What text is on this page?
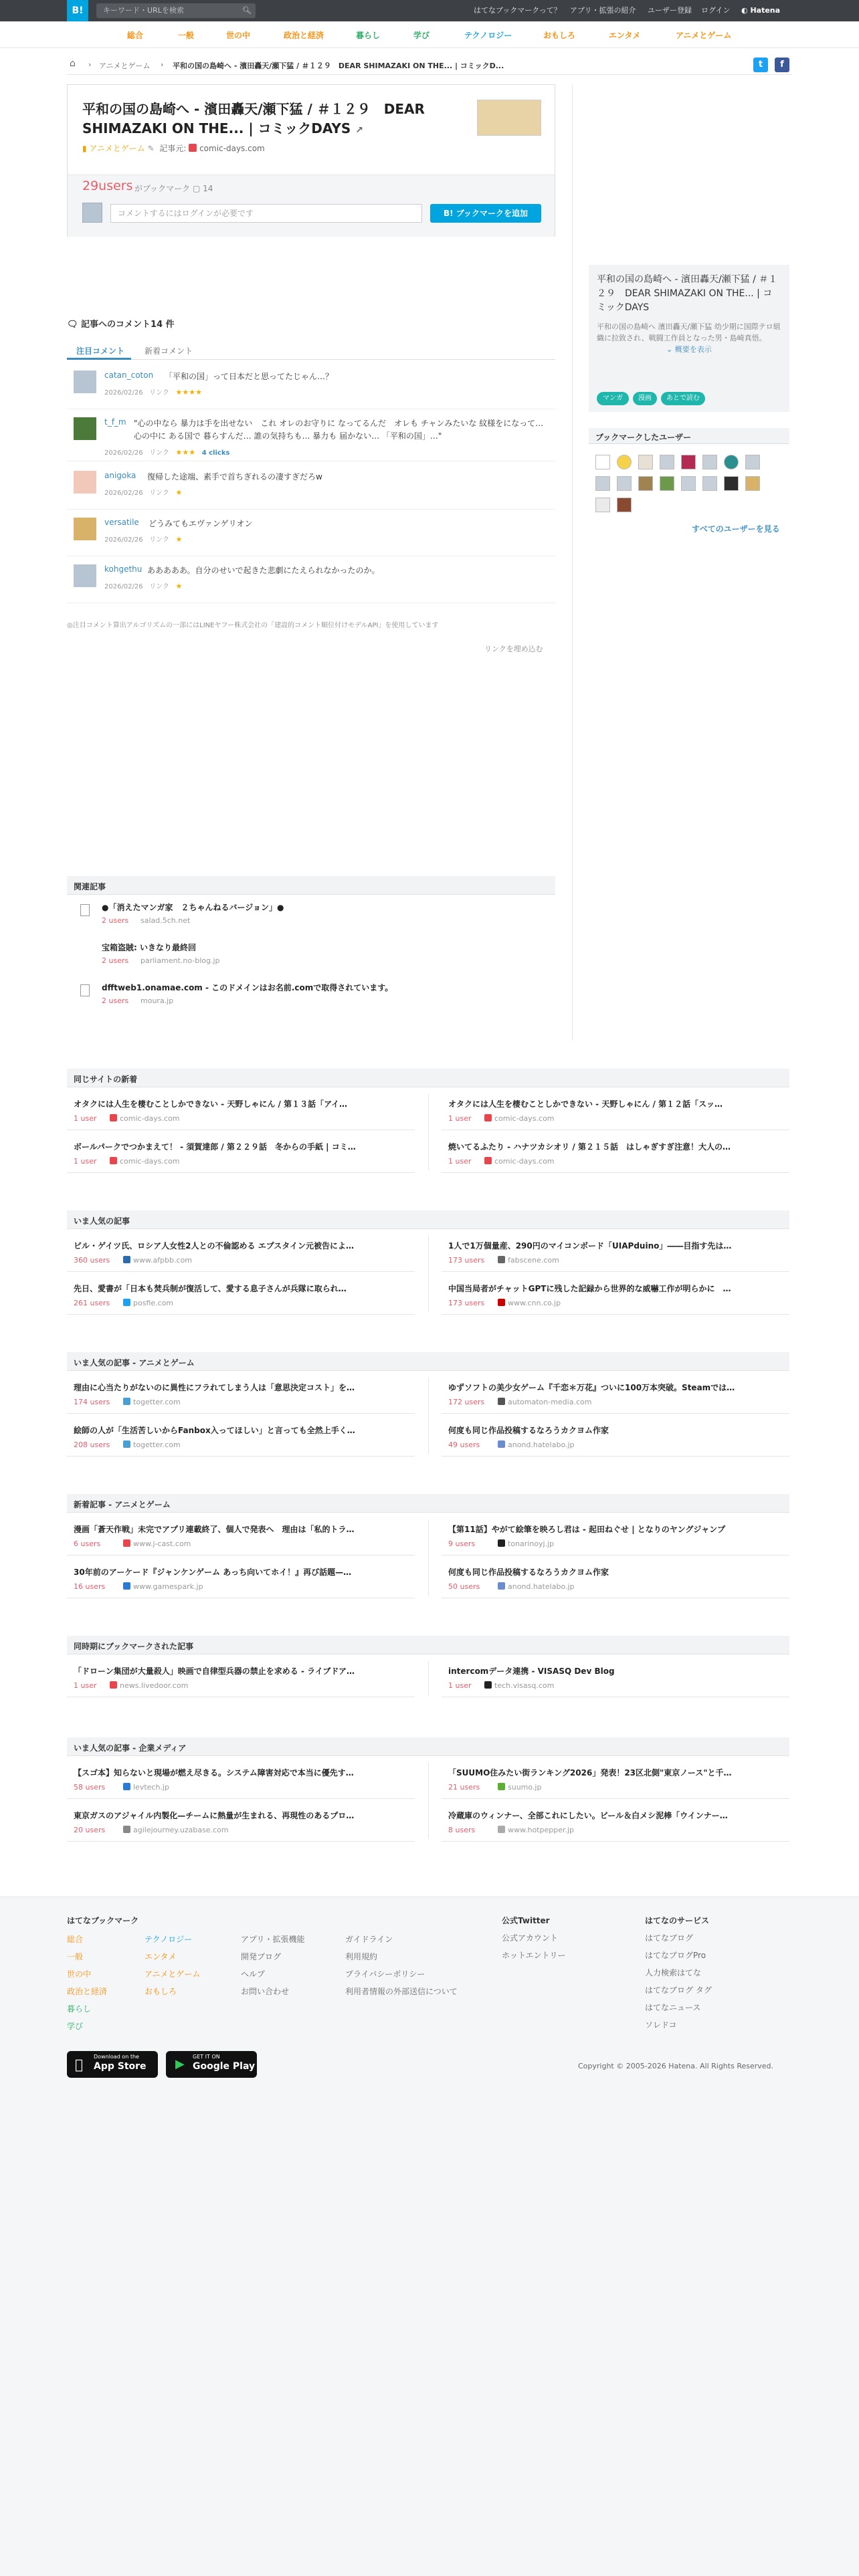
B!	キーワード・URLを検索	🔍︎	はてなブックマークって？ アプリ・拡張の紹介 ユーザー登録 ログイン ◐ Hatena
総合	一般	世の中	政治と経済	暮らし	学び	テクノロジー	おもしろ	エンタメ	アニメとゲーム
⌂ › アニメとゲーム › 平和の国の島崎へ - 濱田轟天/瀬下猛 / ＃１２９　DEAR SHIMAZAKI ON THE... | コミックD...	t	f
平和の国の島崎へ - 濱田轟天/瀬下猛 / ＃１２９　DEAR SHIMAZAKI ON THE... | コミックDAYS ↗
▮ アニメとゲーム ✎ 記事元: comic-days.com
29users がブックマーク ▢ 14
コメントするにはログインが必要です	B! ブックマークを追加
平和の国の島崎へ - 濱田轟天/瀬下猛 / ＃１２９　DEAR SHIMAZAKI ON THE... | コミックDAYS
平和の国の島崎へ 濱田轟天/瀬下猛 幼少期に国際テロ組織に拉致され、戦闘工作員となった男・島崎真悟。
⌄ 概要を表示
マンガ	漫画	あとで読む
ブックマークしたユーザー
すべてのユーザーを見る
🗨︎ 記事へのコメント14 件
注目コメント 新着コメント
catan_coton 「平和の国」って日本だと思ってたじゃん…？
2026/02/26 リンク ★★★★
t_f_m "心の中なら 暴力は手を出せない　これ オレのお守りに なってるんだ　オレも チャンみたいな 紋様をになって… 心の中に ある国で 暮らすんだ… 誰の気持ちも… 暴力も 届かない… 「平和の国」…"
2026/02/26 リンク ★★★ 4 clicks
anigoka 復帰した途端、素手で首ちぎれるの凄すぎだろw
2026/02/26 リンク ★
versatile どうみてもエヴァンゲリオン
2026/02/26 リンク ★
kohgethu あああああ。自分のせいで起きた悲劇にたえられなかったのか。
2026/02/26 リンク ★
◎注目コメント算出アルゴリズムの一部にはLINEヤフー株式会社の「建設的コメント順位付けモデルAPI」を使用しています
リンクを埋め込む
関連記事
●「消えたマンガ家　２ちゃんねるバージョン」●
2 users salad.5ch.net
宝箱盗賊: いきなり最終回
2 users parliament.no-blog.jp
dfftweb1.onamae.com - このドメインはお名前.comで取得されています。
2 users moura.jp
同じサイトの新着
オタクには人生を棲むことしかできない - 天野しゃにん / 第１３話「アイ…
1 user	comic-days.com
オタクには人生を棲むことしかできない - 天野しゃにん / 第１２話「スッ…
1 user	comic-days.com
ボールパークでつかまえて！ - 須賀達郎 / 第２２９話　冬からの手紙 | コミ…
1 user	comic-days.com
焼いてるふたり - ハナツカシオリ / 第２１５話　はしゃぎすぎ注意！大人の…
1 user	comic-days.com
いま人気の記事
ビル・ゲイツ氏、ロシア人女性2人との不倫認める エプスタイン元被告によ…
360 users	www.afpbb.com
1人で1万個量産、290円のマイコンボード「UIAPduino」――目指す先は…
173 users	fabscene.com
先日、愛書が「日本も焚兵制が復活して、愛する息子さんが兵隊に取られ…
261 users	posfie.com
中国当局者がチャットGPTに残した記録から世界的な威嚇工作が明らかに　…
173 users	www.cnn.co.jp
いま人気の記事 - アニメとゲーム
理由に心当たりがないのに異性にフラれてしまう人は「意思決定コスト」を…
174 users	togetter.com
ゆずソフトの美少女ゲーム『千恋＊万花』ついに100万本突破。Steamでは…
172 users	automaton-media.com
絵師の人が「生活苦しいからFanbox入ってほしい」と言っても全然上手く…
208 users	togetter.com
何度も同じ作品投稿するなろうカクヨム作家
49 users	anond.hatelabo.jp
新着記事 - アニメとゲーム
漫画「蒼天作戦」未完でアプリ連載終了、個人で発表へ　理由は「私的トラ…
6 users	www.j-cast.com
【第11話】やがて絵筆を映ろし君は - 起田ねぐせ | となりのヤングジャンプ
9 users	tonarinoyj.jp
30年前のアーケード『ジャンケンゲーム あっち向いてホイ！』再び話題—…
16 users	www.gamespark.jp
何度も同じ作品投稿するなろうカクヨム作家
50 users	anond.hatelabo.jp
同時期にブックマークされた記事
「ドローン集団が大量殺人」映画で自律型兵器の禁止を求める - ライブドア…
1 user	news.livedoor.com
intercomデータ連携 - VISASQ Dev Blog
1 user	tech.visasq.com
いま人気の記事 - 企業メディア
【スゴ本】知らないと現場が燃え尽きる。システム障害対応で本当に優先す…
58 users	levtech.jp
「SUUMO住みたい街ランキング2026」発表！23区北側"東京ノース"と千…
21 users	suumo.jp
東京ガスのアジャイル内製化—チームに熱量が生まれる、再現性のあるプロ…
20 users	agilejourney.uzabase.com
冷蔵庫のウィンナー、全部これにしたい。ビール＆白メシ泥棒「ウインナー…
8 users	www.hotpepper.jp
はてなブックマーク
総合
一般
世の中
政治と経済
暮らし
学び
テクノロジー
エンタメ
アニメとゲーム
おもしろ
アプリ・拡張機能
開発ブログ
ヘルプ
お問い合わせ
ガイドライン
利用規約
プライバシーポリシー
利用者情報の外部送信について
公式Twitter
公式アカウント
ホットエントリー
はてなのサービス
はてなブログ
はてなブログPro
人力検索はてな
はてなブログ タグ
はてなニュース
ソレドコ
Download on the
App Store ▶
GET IT ON
Google Play	Copyright © 2005-2026 Hatena. All Rights Reserved.
